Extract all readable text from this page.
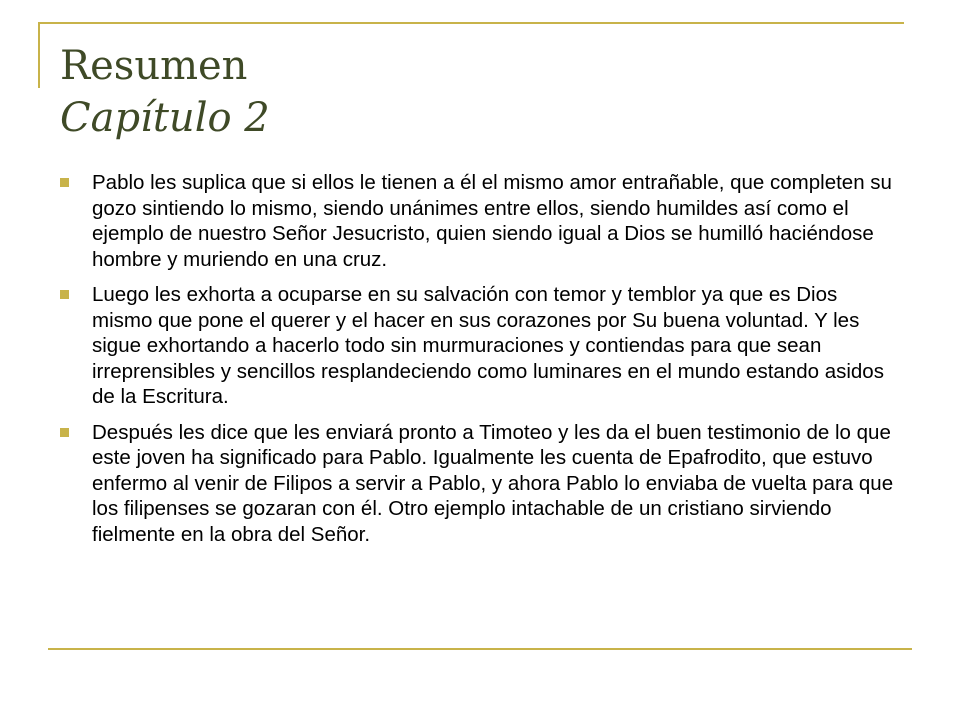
Resumen
Capítulo 2
Pablo les suplica que si ellos le tienen a él el mismo amor entrañable, que completen su gozo sintiendo lo mismo, siendo unánimes entre ellos, siendo humildes así como el ejemplo de nuestro Señor Jesucristo, quien siendo igual a Dios se humilló haciéndose hombre y muriendo en una cruz.
Luego les exhorta a ocuparse en su salvación con temor y temblor ya que es Dios mismo que pone el querer y el hacer en sus corazones por Su buena voluntad. Y les sigue exhortando a hacerlo todo sin murmuraciones y contiendas para que sean irreprensibles y sencillos resplandeciendo como luminares en el mundo estando asidos de la Escritura.
Después les dice que les enviará pronto a Timoteo y les da el buen testimonio de lo que este joven ha significado para Pablo. Igualmente les cuenta de Epafrodito, que estuvo enfermo al venir de Filipos a servir a Pablo, y ahora Pablo lo enviaba de vuelta para que los filipenses se gozaran con él. Otro ejemplo intachable de un cristiano sirviendo fielmente en la obra del Señor.
